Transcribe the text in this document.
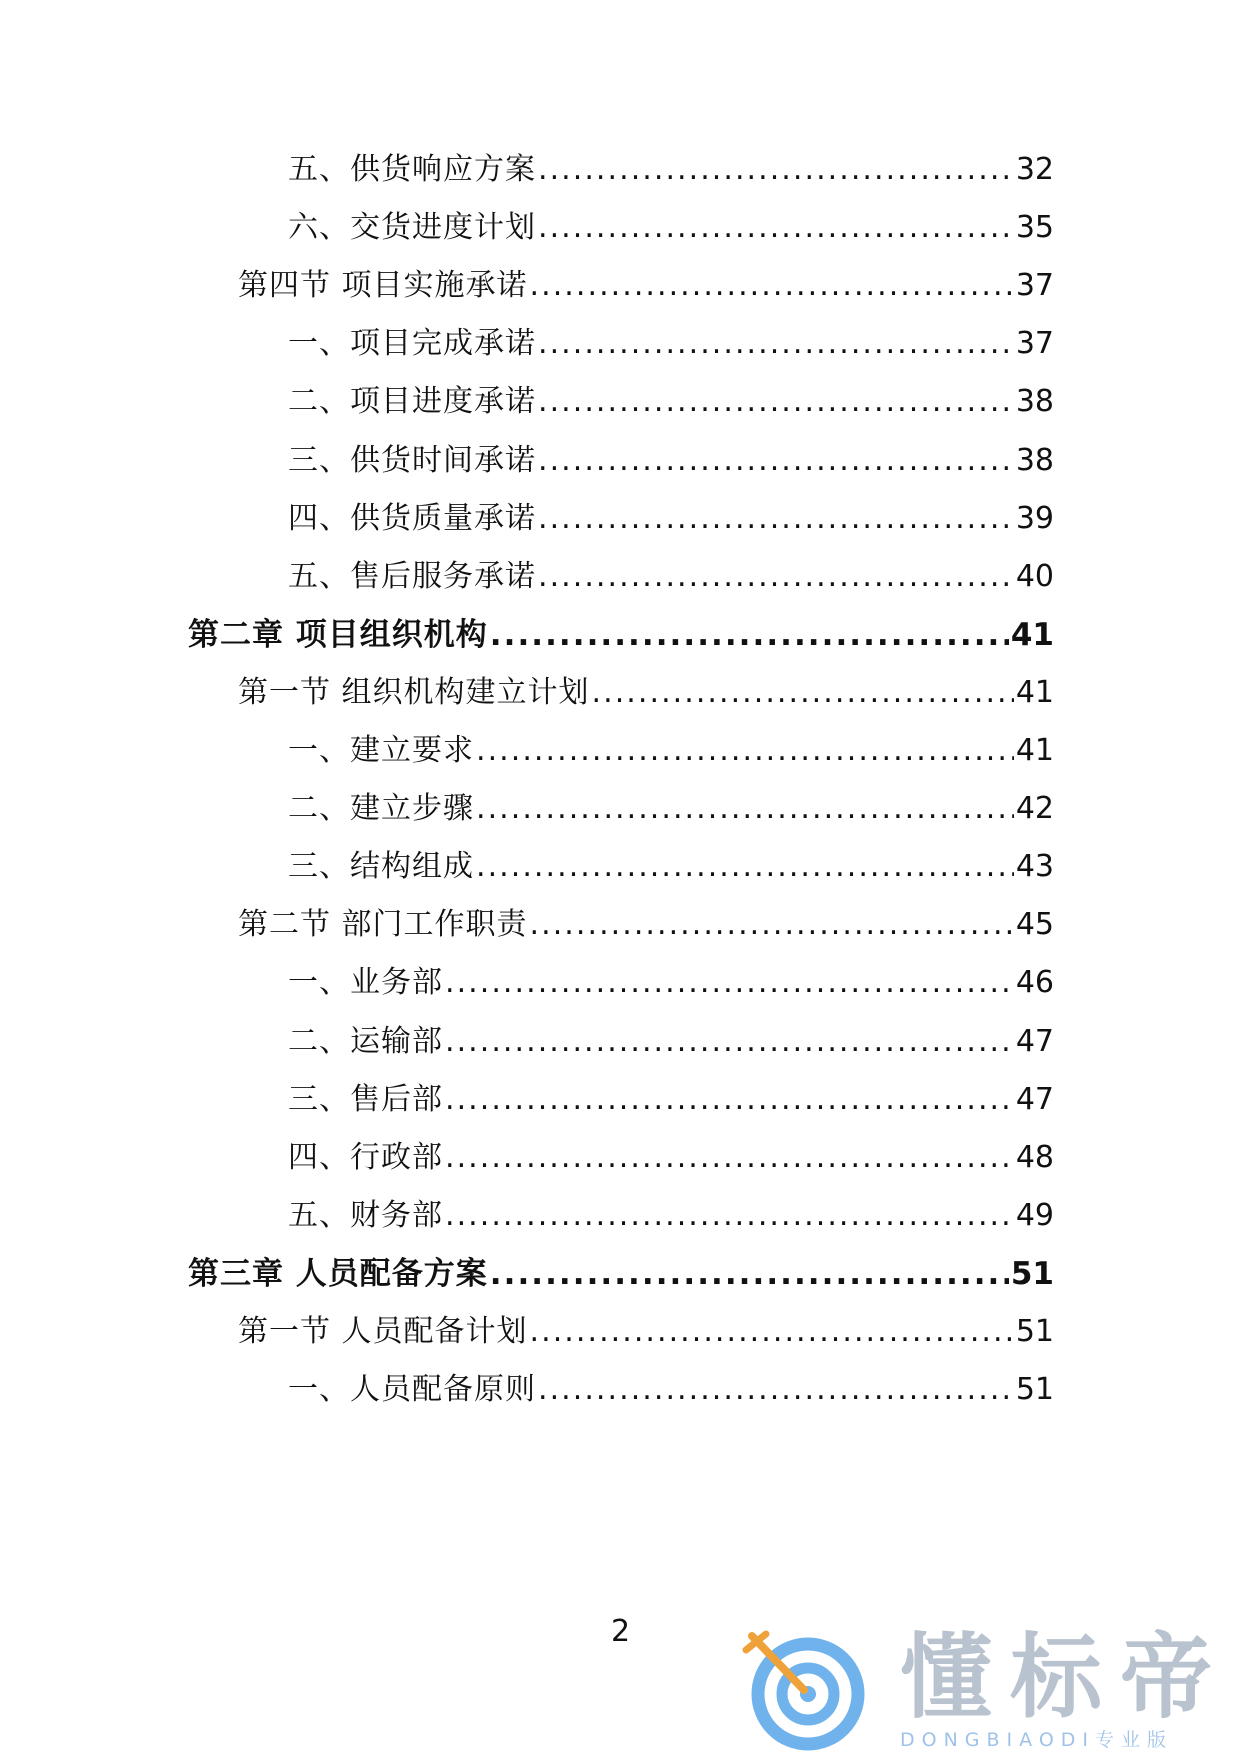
五、供货响应方案 .....	32
六、交货进度计划 .....	35
第四节 项目实施承诺 .....	37
一、项目完成承诺 .....	37
二、项目进度承诺 .....	38
三、供货时间承诺 .....	38
四、供货质量承诺 .....	39
五、售后服务承诺 .....	40
第二章 项目组织机构 .....	41
第一节 组织机构建立计划 .....	41
一、建立要求 .....	41
二、建立步骤 .....	42
三、结构组成 .....	43
第二节 部门工作职责 .....	45
一、业务部 .....	46
二、运输部 .....	47
三、售后部 .....	47
四、行政部 .....	48
五、财务部 .....	49
第三章 人员配备方案 .....	51
第一节 人员配备计划 .....	51
一、人员配备原则 .....	51
2	懂标帝
DONGBIAODI专业版
